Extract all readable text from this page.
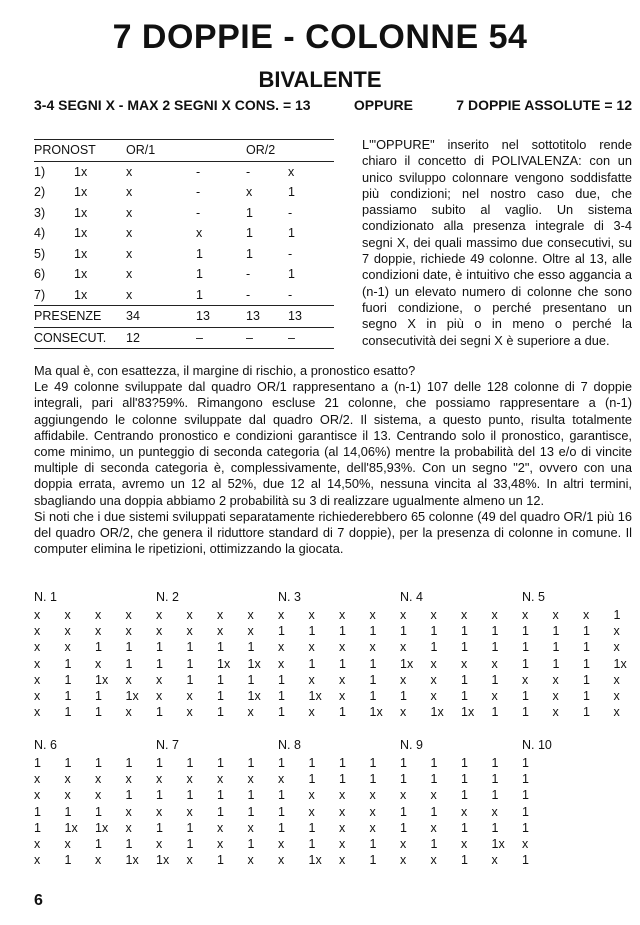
7 DOPPIE - COLONNE 54
BIVALENTE
3-4 SEGNI X - MAX 2 SEGNI X CONS. = 13	OPPURE	7 DOPPIE ASSOLUTE = 12
PRONOST		OR/1		OR/2	
1)	1x	x	-	-	x
2)	1x	x	-	x	1
3)	1x	x	-	1	-
4)	1x	x	x	1	1
5)	1x	x	1	1	-
6)	1x	x	1	-	1
7)	1x	x	1	-	-
PRESENZE		34	13	13	13
CONSECUT.		12	–	–	–
L'"OPPURE" inserito nel sottotitolo rende chiaro il concetto di POLIVALENZA: con un unico sviluppo colonnare vengono soddisfatte più condizioni; nel nostro caso due, che passiamo subito al vaglio. Un sistema condizionato alla presenza integrale di 3-4 segni X, dei quali massimo due consecutivi, su 7 doppie, richiede 49 colonne. Oltre al 13, alle condizioni date, è intuitivo che esso aggancia a (n-1) un elevato numero di colonne che sono fuori condizione, o perché presentano un segno X in più o in meno o perché la consecutività dei segni X è superiore a due.

Ma qual è, con esattezza, il margine di rischio, a pronostico esatto?

Le 49 colonne sviluppate dal quadro OR/1 rappresentano a (n-1) 107 delle 128 colonne di 7 doppie integrali, pari all'83?59%. Rimangono escluse 21 colonne, che possiamo rappresentare a (n-1) aggiungendo le colonne sviluppate dal quadro OR/2. Il sistema, a questo punto, risulta totalmente affidabile. Centrando pronostico e condizioni garantisce il 13. Centrando solo il pronostico, garantisce, come minimo, un punteggio di seconda categoria (al 14,06%) mentre la probabilità del 13 e/o di vincite multiple di seconda categoria è, complessivamente, dell'85,93%. Con un segno "2", ovvero con una doppia errata, avremo un 12 al 52%, due 12 al 14,50%, nessuna vincita al 33,48%. In altri termini, sbagliando una doppia abbiamo 2 probabilità su 3 di realizzare ugualmente almeno un 12.

Si noti che i due sistemi sviluppati separatamente richiederebbero 65 colonne (49 del quadro OR/1 più 16 del quadro OR/2, che genera il riduttore standard di 7 doppie), per la presenza di colonne in comune. Il computer elimina le ripetizioni, ottimizzando la giocata.

N. 1	N. 2	N. 3	N. 4	N. 5
x	x	x	x	x	x	x	x	x	x	x	x	x	x	x	x	x	x	x	1
x	x	x	x	x	x	x	x	1	1	1	1	1	1	1	1	1	1	1	x
x	x	1	1	1	1	1	1	x	x	x	x	x	1	1	1	1	1	1	x
x	1	x	1	1	1	1x	1x	x	1	1	1	1x	x	x	x	1	1	1	1x
x	1	1x	x	x	1	1	1	1	x	x	1	x	x	1	1	x	x	1	x
x	1	1	1x	x	x	1	1x	1	1x	x	1	1	x	1	x	1	x	1	x
x	1	1	x	1	x	1	x	1	x	1	1x	x	1x	1x	1	1	x	1	x
N. 6	N. 7	N. 8	N. 9	N. 10
1	1	1	1	1	1	1	1	1	1	1	1	1	1	1	1	1
x	x	x	x	x	x	x	x	x	1	1	1	1	1	1	1	1
x	x	x	1	1	1	1	1	1	x	x	x	x	x	1	1	1
1	1	1	x	x	x	1	1	1	x	x	x	1	1	x	x	1
1	1x	1x	x	1	1	x	x	1	1	x	x	1	x	1	1	1
x	x	1	1	x	1	x	1	x	1	x	1	x	1	x	1x	x
x	1	x	1x	1x	x	1	x	x	1x	x	1	x	x	1	x	1
6
